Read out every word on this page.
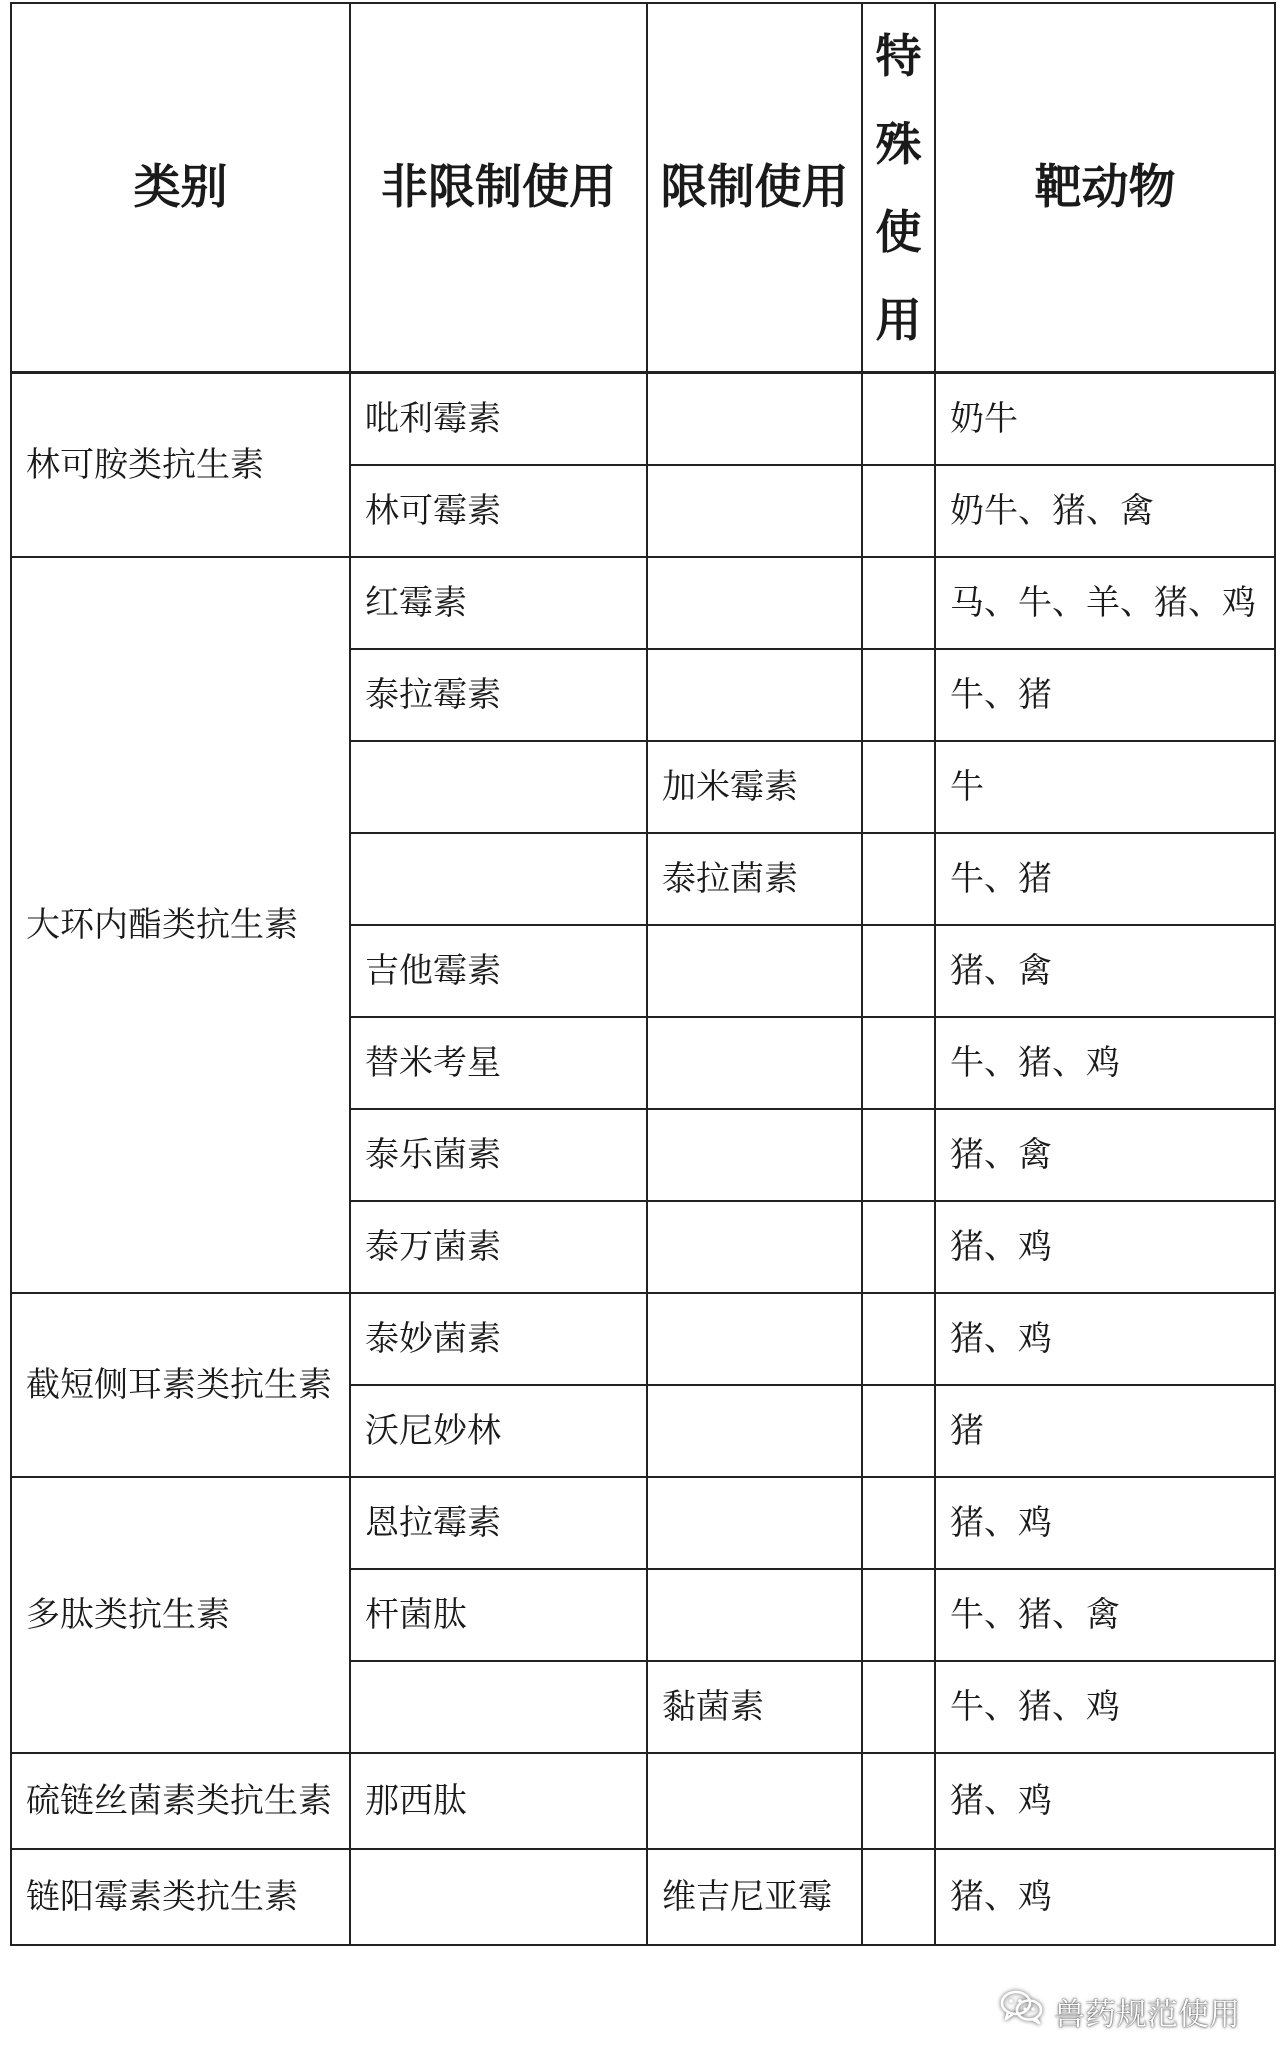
类别	非限制使用	限制使用	特殊使用	靶动物
林可胺类抗生素	吡利霉素			奶牛
	林可霉素			奶牛、猪、禽
大环内酯类抗生素	红霉素			马、牛、羊、猪、鸡
	泰拉霉素			牛、猪
		加米霉素		牛
		泰拉菌素		牛、猪
	吉他霉素			猪、禽
	替米考星			牛、猪、鸡
	泰乐菌素			猪、禽
	泰万菌素			猪、鸡
截短侧耳素类抗生素	泰妙菌素			猪、鸡
	沃尼妙林			猪
多肽类抗生素	恩拉霉素			猪、鸡
	杆菌肽			牛、猪、禽
		黏菌素		牛、猪、鸡
硫链丝菌素类抗生素	那西肽			猪、鸡
链阳霉素类抗生素		维吉尼亚霉		猪、鸡
兽药规范使用
